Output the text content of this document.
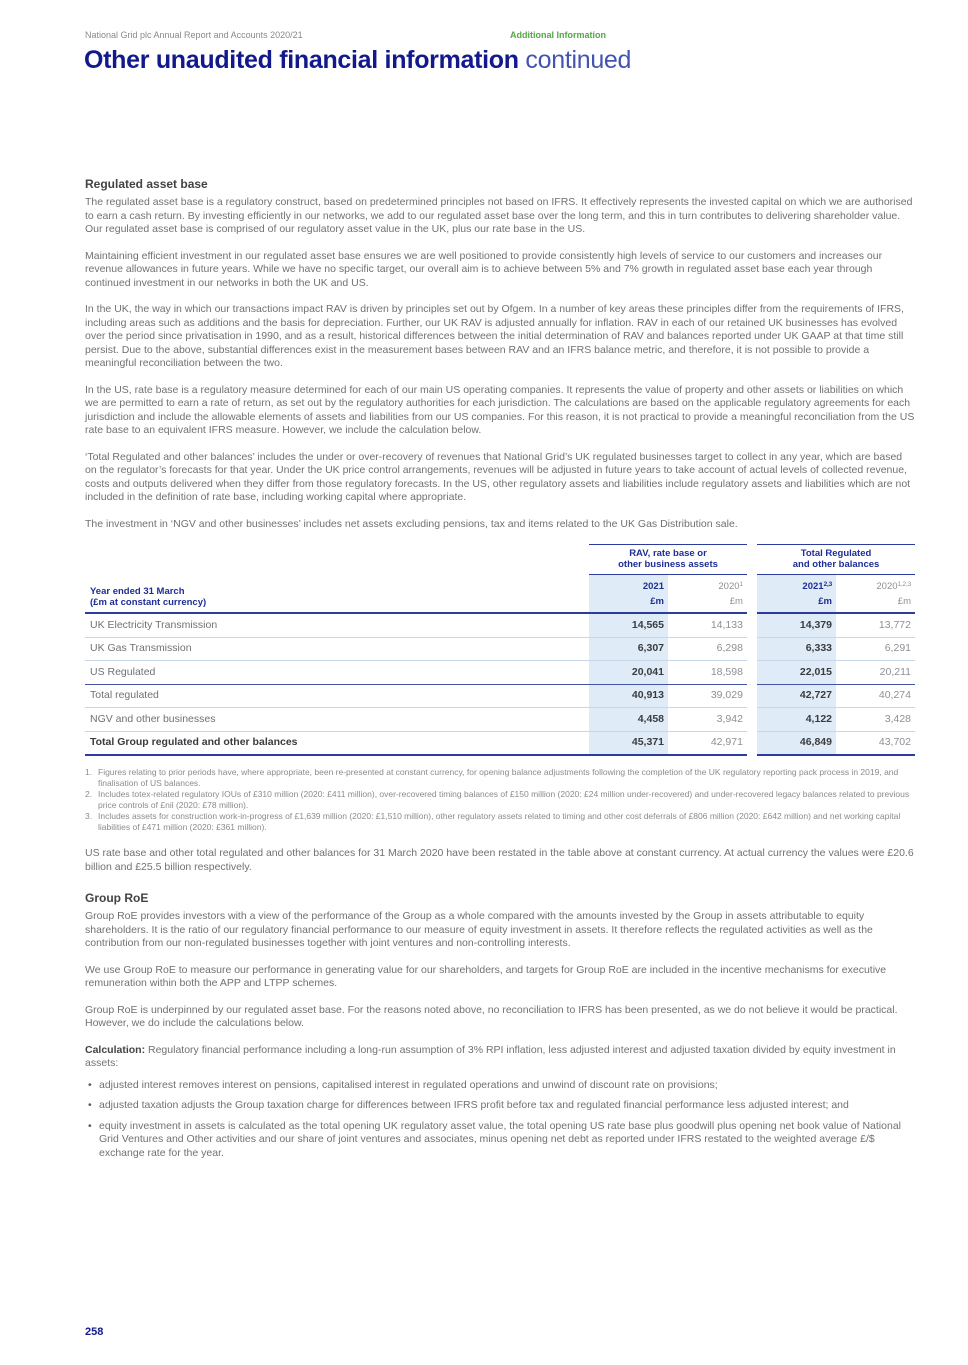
National Grid plc Annual Report and Accounts 2020/21	Additional Information
Other unaudited financial information continued
Regulated asset base

The regulated asset base is a regulatory construct, based on predetermined principles not based on IFRS. It effectively represents the invested capital on which we are authorised to earn a cash return. By investing efficiently in our networks, we add to our regulated asset base over the long term, and this in turn contributes to delivering shareholder value. Our regulated asset base is comprised of our regulatory asset value in the UK, plus our rate base in the US.

Maintaining efficient investment in our regulated asset base ensures we are well positioned to provide consistently high levels of service to our customers and increases our revenue allowances in future years. While we have no specific target, our overall aim is to achieve between 5% and 7% growth in regulated asset base each year through continued investment in our networks in both the UK and US.

In the UK, the way in which our transactions impact RAV is driven by principles set out by Ofgem. In a number of key areas these principles differ from the requirements of IFRS, including areas such as additions and the basis for depreciation. Further, our UK RAV is adjusted annually for inflation. RAV in each of our retained UK businesses has evolved over the period since privatisation in 1990, and as a result, historical differences between the initial determination of RAV and balances reported under UK GAAP at that time still persist. Due to the above, substantial differences exist in the measurement bases between RAV and an IFRS balance metric, and therefore, it is not possible to provide a meaningful reconciliation between the two.

In the US, rate base is a regulatory measure determined for each of our main US operating companies. It represents the value of property and other assets or liabilities on which we are permitted to earn a rate of return, as set out by the regulatory authorities for each jurisdiction. The calculations are based on the applicable regulatory agreements for each jurisdiction and include the allowable elements of assets and liabilities from our US companies. For this reason, it is not practical to provide a meaningful reconciliation from the US rate base to an equivalent IFRS measure. However, we include the calculation below.

‘Total Regulated and other balances’ includes the under or over-recovery of revenues that National Grid’s UK regulated businesses target to collect in any year, which are based on the regulator’s forecasts for that year. Under the UK price control arrangements, revenues will be adjusted in future years to take account of actual levels of collected revenue, costs and outputs delivered when they differ from those regulatory forecasts. In the US, other regulatory assets and liabilities include regulatory assets and liabilities which are not included in the definition of rate base, including working capital where appropriate.

The investment in ‘NGV and other businesses’ includes net assets excluding pensions, tax and items related to the UK Gas Distribution sale.

	RAV, rate base or
other business assets			Total Regulated
and other balances	
Year ended 31 March
(£m at constant currency)	2021	2020$^1$		2021$^{2,3}$	2020$^{1,2,3}$
	£m	£m		£m	£m
UK Electricity Transmission	14,565	14,133		14,379	13,772
UK Gas Transmission	6,307	6,298		6,333	6,291
US Regulated	20,041	18,598		22,015	20,211
Total regulated	40,913	39,029		42,727	40,274
NGV and other businesses	4,458	3,942		4,122	3,428
Total Group regulated and other balances	45,371	42,971		46,849	43,702
1. Figures relating to prior periods have, where appropriate, been re-presented at constant currency, for opening balance adjustments following the completion of the UK regulatory reporting pack process in 2019, and finalisation of US balances.
2. Includes totex-related regulatory IOUs of £310 million (2020: £411 million), over-recovered timing balances of £150 million (2020: £24 million under-recovered) and under-recovered legacy balances related to previous price controls of £nil (2020: £78 million).
3. Includes assets for construction work-in-progress of £1,639 million (2020: £1,510 million), other regulatory assets related to timing and other cost deferrals of £806 million (2020: £642 million) and net working capital liabilities of £471 million (2020: £361 million).

US rate base and other total regulated and other balances for 31 March 2020 have been restated in the table above at constant currency. At actual currency the values were £20.6 billion and £25.5 billion respectively.

Group RoE

Group RoE provides investors with a view of the performance of the Group as a whole compared with the amounts invested by the Group in assets attributable to equity shareholders. It is the ratio of our regulatory financial performance to our measure of equity investment in assets. It therefore reflects the regulated activities as well as the contribution from our non-regulated businesses together with joint ventures and non-controlling interests.

We use Group RoE to measure our performance in generating value for our shareholders, and targets for Group RoE are included in the incentive mechanisms for executive remuneration within both the APP and LTPP schemes.

Group RoE is underpinned by our regulated asset base. For the reasons noted above, no reconciliation to IFRS has been presented, as we do not believe it would be practical. However, we do include the calculations below.

Calculation: Regulatory financial performance including a long-run assumption of 3% RPI inflation, less adjusted interest and adjusted taxation divided by equity investment in assets:

• adjusted interest removes interest on pensions, capitalised interest in regulated operations and unwind of discount rate on provisions;
• adjusted taxation adjusts the Group taxation charge for differences between IFRS profit before tax and regulated financial performance less adjusted interest; and
• equity investment in assets is calculated as the total opening UK regulatory asset value, the total opening US rate base plus goodwill plus opening net book value of National Grid Ventures and Other activities and our share of joint ventures and associates, minus opening net debt as reported under IFRS restated to the weighted average £/$ exchange rate for the year.
258
